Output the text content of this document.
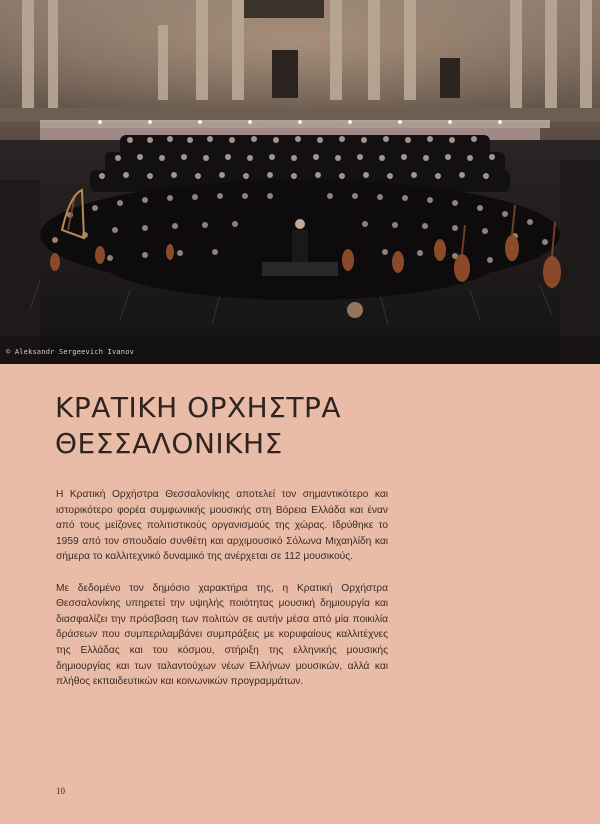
© Aleksandr Sergeevich Ivanov
ΚΡΑΤΙΚΗ ΟΡΧΗΣΤΡΑ
ΘΕΣΣΑΛΟΝΙΚΗΣ

Η Κρατική Ορχήστρα Θεσσαλονίκης αποτελεί τον σημαντικότερο και ιστορικότερο φορέα συμφωνικής μουσικής στη Βόρεια Ελλάδα και έναν από τους μείζονες πολιτιστικούς οργανισμούς της χώρας. Ιδρύθηκε το 1959 από τον σπουδαίο συνθέτη και αρχιμουσικό Σόλωνα Μιχαηλίδη και σήμερα το καλλιτεχνικό δυναμικό της ανέρχεται σε 112 μουσικούς.

Με δεδομένο τον δημόσιο χαρακτήρα της, η Κρατική Ορχήστρα Θεσσαλονίκης υπηρετεί την υψηλής ποιότητας μουσική δημιουργία και διασφαλίζει την πρόσβαση των πολιτών σε αυτήν μέσα από μία ποικιλία δράσεων που συμπεριλαμβάνει συμπράξεις με κορυφαίους καλλιτέχνες της Ελλάδας και του κόσμου, στήριξη της ελληνικής μουσικής δημιουργίας και των ταλαντούχων νέων Ελλήνων μουσικών, αλλά και πλήθος εκπαιδευτικών και κοινωνικών προγραμμάτων.

10
